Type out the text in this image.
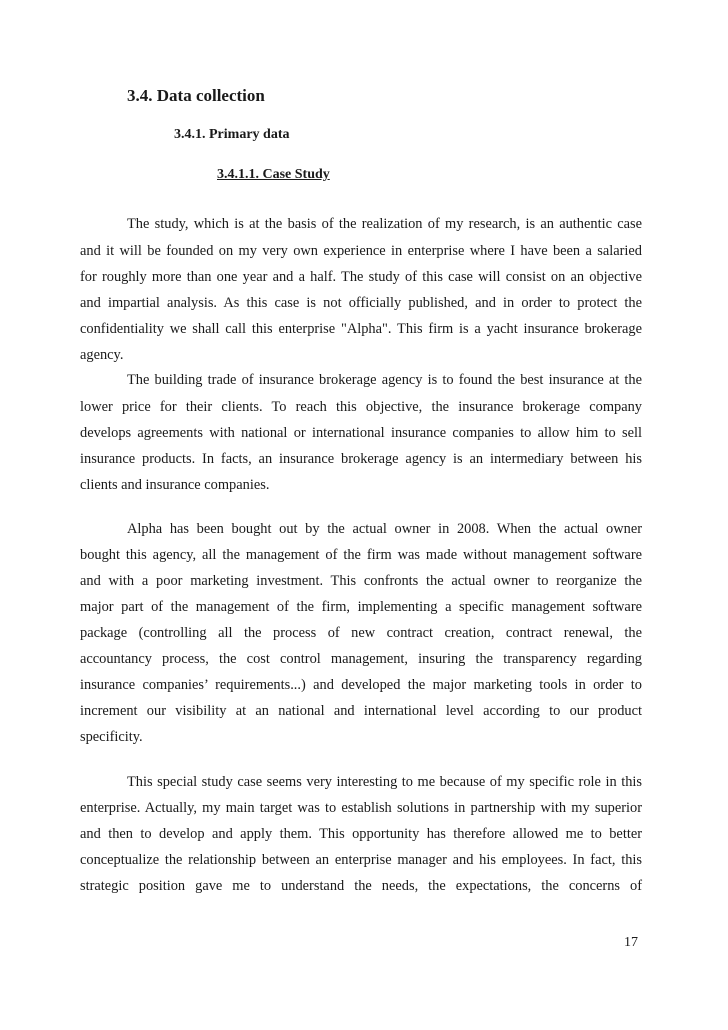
3.4. Data collection
3.4.1. Primary data
3.4.1.1. Case Study
The study, which is at the basis of the realization of my research, is an authentic case
and it will be founded on my very own experience in enterprise where I have been a salaried
for roughly more than one year and a half. The study of this case will consist on an objective
and impartial analysis. As this case is not officially published, and in order to protect the
confidentiality we shall call this enterprise "Alpha". This firm is a yacht insurance brokerage
agency.
The building trade of insurance brokerage agency is to found the best insurance at the
lower price for their clients. To reach this objective, the insurance brokerage company
develops agreements with national or international insurance companies to allow him to sell
insurance products. In facts, an insurance brokerage agency is an intermediary between his
clients and insurance companies.
Alpha has been bought out by the actual owner in 2008. When the actual owner
bought this agency, all the management of the firm was made without management software
and with a poor marketing investment. This confronts the actual owner to reorganize the
major part of the management of the firm, implementing a specific management software
package (controlling all the process of new contract creation, contract renewal, the
accountancy process, the cost control management, insuring the transparency regarding
insurance companies’ requirements...) and developed the major marketing tools in order to
increment our visibility at an national and international level according to our product
specificity.
This special study case seems very interesting to me because of my specific role in this
enterprise. Actually, my main target was to establish solutions in partnership with my superior
and then to develop and apply them. This opportunity has therefore allowed me to better
conceptualize the relationship between an enterprise manager and his employees. In fact, this
strategic position gave me to understand the needs, the expectations, the concerns of
17
